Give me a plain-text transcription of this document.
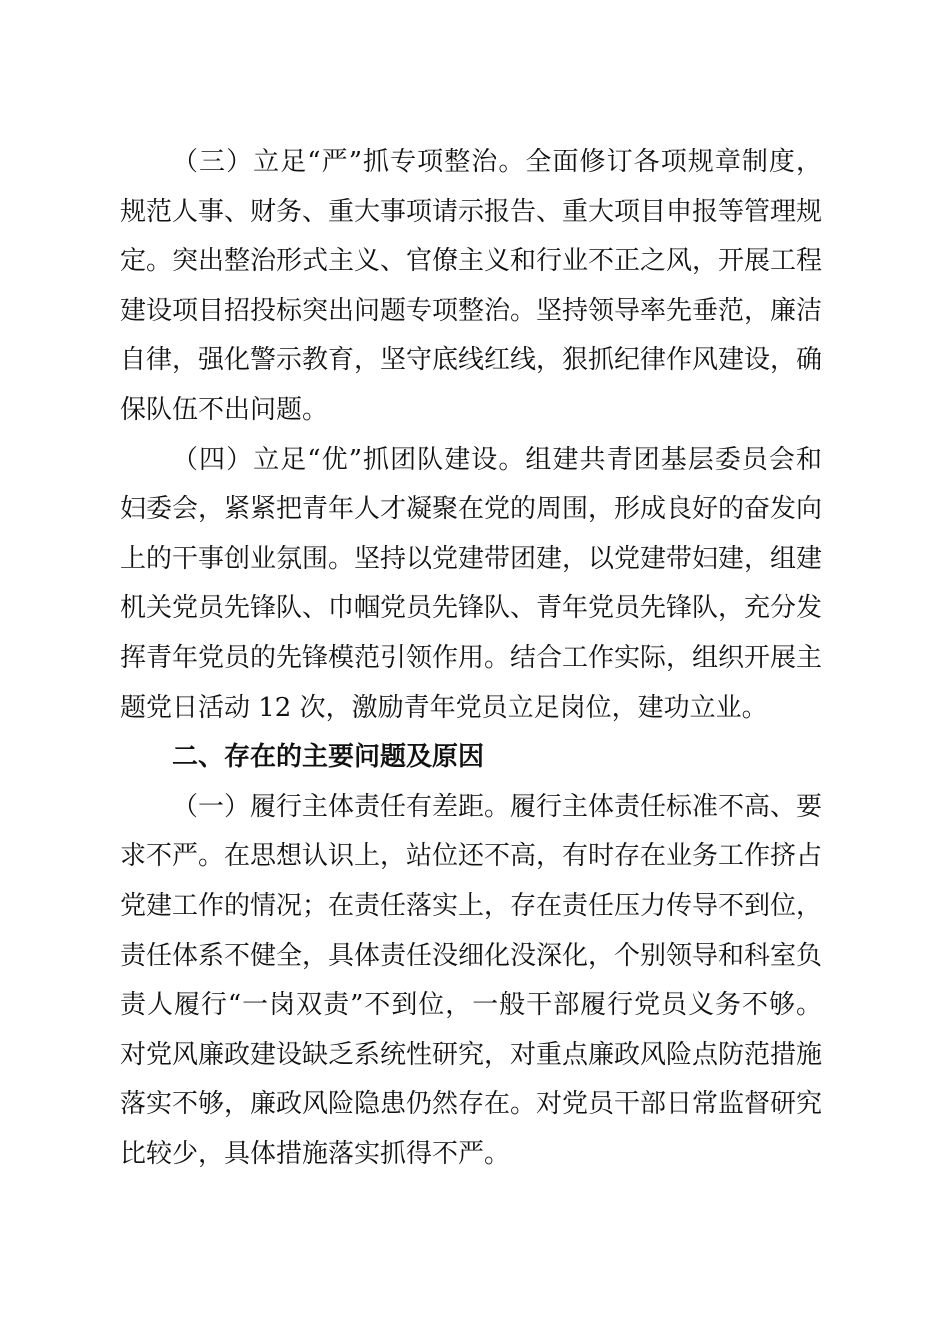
（三）立足“严”抓专项整治。全面修订各项规章制度，
规范人事、财务、重大事项请示报告、重大项目申报等管理规
定。突出整治形式主义、官僚主义和行业不正之风，开展工程
建设项目招投标突出问题专项整治。坚持领导率先垂范，廉洁
自律，强化警示教育，坚守底线红线，狠抓纪律作风建设，确
保队伍不出问题。
（四）立足“优”抓团队建设。组建共青团基层委员会和
妇委会，紧紧把青年人才凝聚在党的周围，形成良好的奋发向
上的干事创业氛围。坚持以党建带团建，以党建带妇建，组建
机关党员先锋队、巾帼党员先锋队、青年党员先锋队，充分发
挥青年党员的先锋模范引领作用。结合工作实际，组织开展主
题党日活动 12 次，激励青年党员立足岗位，建功立业。
二、存在的主要问题及原因
（一）履行主体责任有差距。履行主体责任标准不高、要
求不严。在思想认识上，站位还不高，有时存在业务工作挤占
党建工作的情况；在责任落实上，存在责任压力传导不到位，
责任体系不健全，具体责任没细化没深化，个别领导和科室负
责人履行“一岗双责”不到位，一般干部履行党员义务不够。
对党风廉政建设缺乏系统性研究，对重点廉政风险点防范措施
落实不够，廉政风险隐患仍然存在。对党员干部日常监督研究
比较少，具体措施落实抓得不严。
